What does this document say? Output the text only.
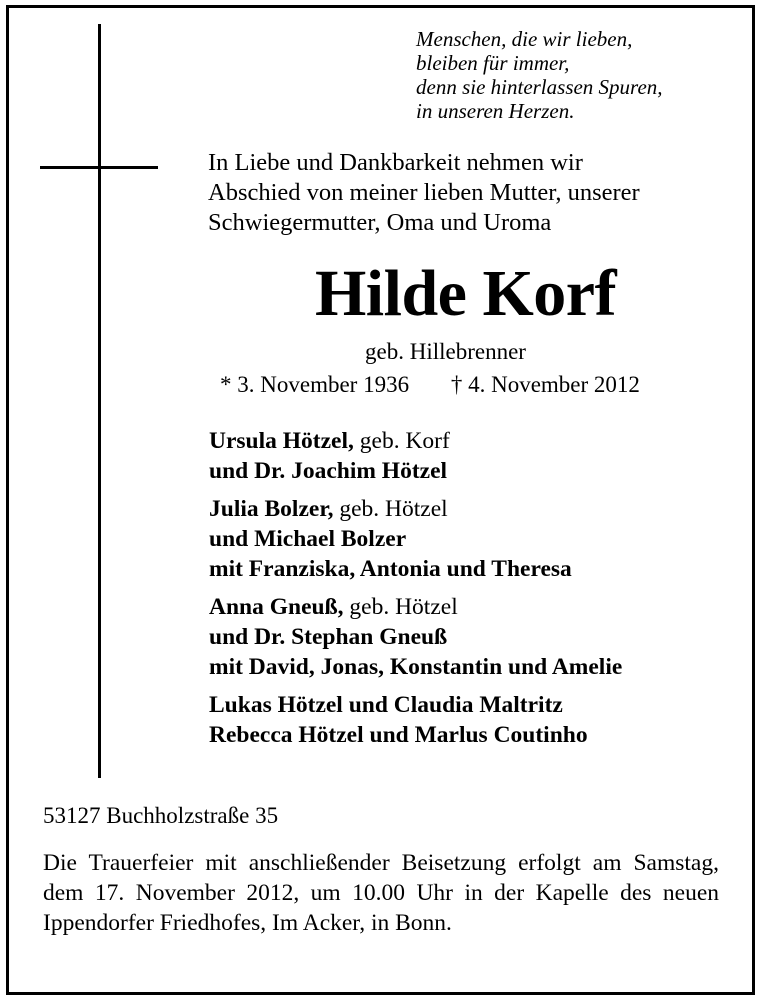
Menschen, die wir lieben,
bleiben für immer,
denn sie hinterlassen Spuren,
in unseren Herzen.
In Liebe und Dankbarkeit nehmen wir
Abschied von meiner lieben Mutter, unserer
Schwiegermutter, Oma und Uroma
Hilde Korf
geb. Hillebrenner
* 3. November 1936 † 4. November 2012
Ursula Hötzel, geb. Korf
und Dr. Joachim Hötzel
Julia Bolzer, geb. Hötzel
und Michael Bolzer
mit Franziska, Antonia und Theresa
Anna Gneuß, geb. Hötzel
und Dr. Stephan Gneuß
mit David, Jonas, Konstantin und Amelie
Lukas Hötzel und Claudia Maltritz
Rebecca Hötzel und Marlus Coutinho
53127 Buchholzstraße 35
Die Trauerfeier mit anschließender Beisetzung erfolgt am Samstag, dem 17. November 2012, um 10.00 Uhr in der Kapelle des neuen Ippendorfer Friedhofes, Im Acker, in Bonn.
